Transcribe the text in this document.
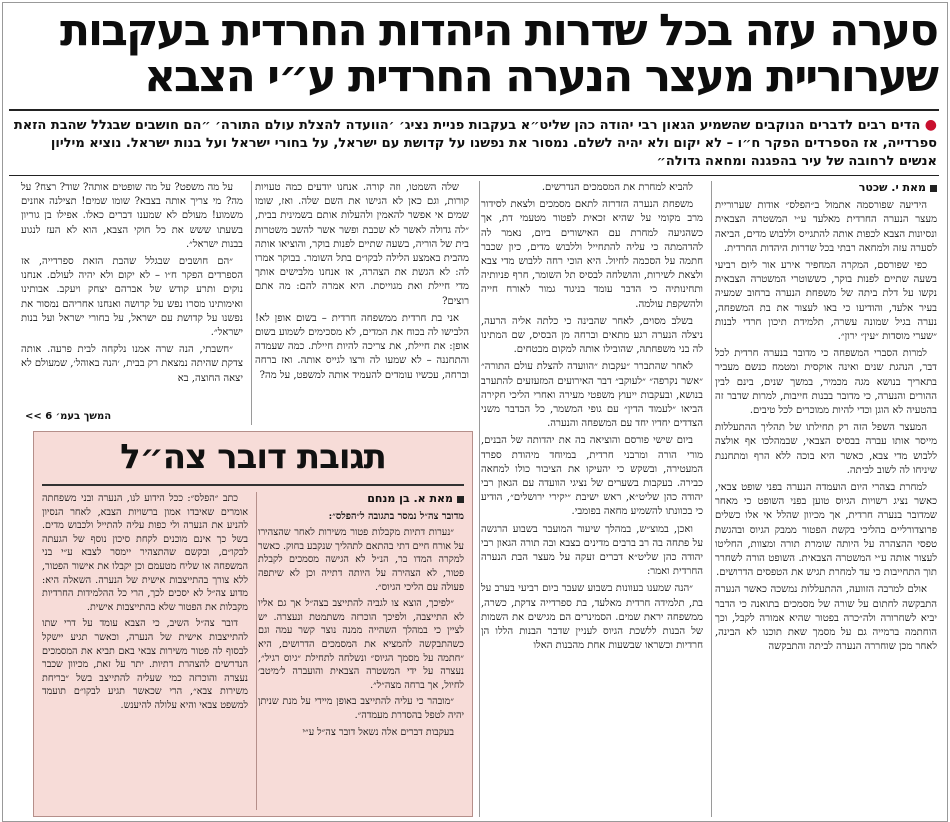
סערה עזה בכל שדרות היהדות החרדית בעקבות
שערוריית מעצר הנערה החרדית ע״י הצבא
● הדים רבים לדברים הנוקבים שהשמיע הגאון רבי יהודה כהן שליט״א בעקבות פניית נציג׳ ׳הוועדה להצלת עולם התורה׳ ״הם חושבים שבגלל שהבת הזאת ספרדייה, אז הספרדים הפקר ח״ו – לא יקום ולא יהיה לשלם. נמסור את נפשנו על קדושת עם ישראל, על בחורי ישראל ועל בנות ישראל. נוציא מיליון אנשים לרחובה של עיר בהפגנה ומחאה גדולה״
מאת י. שכטר

הידיעה שפורסמה אתמול ב״הפלס״ אודות שערוריית מעצר הנערה החרדית מאלעד ע״י המשטרה הצבאית ונסיונות הצבא לכפות אותה להתגייס וללבוש מדים, הביאה לסערה עזה ולמחאה רבתי בכל שדרות היהדות החרדית.

כפי שפורסם, המקרה המחפיר אירע אור ליום רביעי בשעה שתיים לפנות בוקר, כששוטרי המשטרה הצבאית נקשו על דלת ביתה של משפחת הנערה ברחוב שמעיה בעיר אלעד, והודיעו כי באו לעצור את בת המשפחה, נערה בגיל שמונה עשרה, תלמידת תיכון חרדי לבנות ״שערי מוסדות ״עין״ ירון״.

למרות הסברי המשפחה כי מדובר בנערה חרדית לכל דבר, הנהגת שנים ואינה אוקסית ומטמח כנשם מעביר בתאריך בנושא מגה מכמיר, במשך שנים, בינם לבין ההורים והנערה, כי מדובר בבנות חייבות, למרות שדבר זה בהטעיה לא הוגן וכדי להיות ממוכרים לכל טיבים.

המעצר השפל הזה רק תחילתו של תהליך ההתעללות מייסר אותו עברה בבסיס הצבאי, שבמהלכו אף אולצה ללבוש מדי צבא, כאשר היא בוכה ללא הרף ומתחננת שיניחו לה לשוב לביתה.

למחרת בצהרי היום הועמדה הנערה בפני שופט צבאי, כאשר נציג רשויות הגיוס טוען בפני השופט כי מאחר שמדובר בנערה חרדית, אך מכיוון שהלל אי אלו כשלים פרוצדורליים בהליכי בקשת הפטור ממבק הגיוס ובהגשת טפסי ההצהרה על היותה שומרת תורה ומצוות, החליטו לעצור אותה ע״י המשטרה הצבאית. השופט הורה לשחרר תוך התחייבות כי עד למחרת תגיש את הטפסים הדרושים.

אולם למרבה הזוועה, ההתעללות נמשכה כאשר הנערה התבקשה לחתום על שורה של מסמכים בתואנה כי הדבר יביא לשחרורה ולה״כרה בפטור שהיא אמורה לקבל, וכך הוחתמה ברמייה גם על מסמך שאת תוכנו לא הבינה, לאחר מכן שוחררה הנערה לביתה והתבקשה

להביא למחרת את המסמכים הנדרשים.

משפחת הנערה הזדרזה לתאם מסמכים ולצאת לסידור מרב מקומי על שהיא זכאית לפטור מטעמי דת, אך כשהגיעה למחרת עם האישורים ביום, נאמר לה להדהמתה כי עליה להתחייל וללבוש מדים, כיון שכבר חתמה על הסכמה לחיול. היא הוכי רחה ללבוש מדי צבא ולצאת לשירות, והושלחה לבסיס תל השומר, חרף פניותיה ותחינותיה כי הדבר עומד בניגוד גמור לאורח חייה ולהשקפת עולמה.

בשלב מסוים, לאחר שהבינה כי כלתה אליה הרעה, ניצלה הנערה רגע מתאים וברחה מן הבסיס, שם המתינו לה בני משפחתה, שהובילו אותה למקום מבטחים.

לאחר שהתברר ״עקבות ״הוועדה להצלת עולם התורה״ ״אשר נקרפה״ ״לעוקב״ דבר האירועים המזעזעים להתערב בנושא, ובעקבות ייעוץ משפטי מעירה ואחרי הליכי חקירה הביאו ״לעמוד הדין״ עם גופי המשמר, כל הבדבר משני הצדדים יחדיו יחד עם המשפחה והנערה.

ביום שישי פורסם והוציאה בה את יהדותה של הבנים, מורי הורה ומרבני חרדית, במיוחד מיהודת ספרד המעטירה, ובשקש כי יהעיקו את הציבור כולו למחאה כבירה. בעקבות בשערים של נציגי הוועדה עם הגאון רבי יהודה כהן שליט״א, ראש ישיבת ״יקירי ירושלים״, הודיע כי בכוונתו להשמיע מחאה בפומבי.

ואכן, במוצ״ש, במהלך שיעור המועבר בשבוע הרגשה על פתחה בה רב ברבים מדינים בצבא ובה תורה הגאון רבי יהודה כהן שליט״א דברים זעקה על מעצר הבת הנערה החרדית ואמר:

״הנה שמענו בעוונות בשבוע שעבר ביום רביעי בערב על בת, תלמידה חרדית מאלעד, בת ספרדייה צדקת, כשרה, ממשפחה יראת שמים. הסמינרים הם מגישים את השמות של הבנות ללשכת הגיוס לעניין שדבר הבנות הללו הן חרדיות וכשראו שבשעות אחת מהבנות האלו

שלה השמטו, וזה קורה. אנחנו יודעים כמה טעויות קורות, וגם כאן לא הגישו את השם שלה. ואז, שומו שמים אי אפשר להאמין ולהעלות אותם בשמינית בבית, ״לה גדולה לאשר לא שכבת ופשר אשר להשב משטרות בית של הוריה, בשעה שתיים לפנות בוקר, והוציאו אותה מהבית באמצע הלילה לבקו״ם בתל השומר. בבוקר אמרו לה: לא הגשת את הצהרה, אז אנחנו מלבישים אותך מדי חיילת ואת מגוייסת. היא אמרה להם: מה אתם רוצים?

אני בת חרדית ממשפחה חרדית – בשום אופן לא! הלבישו לה בכוח את המדים, לא מסכימים לשמוע בשום אופן: את חיילת, את צריכה להיות חיילת. כמה שעמדה והתחננה – לא שמעו לה ורצו לגייס אותה. ואז ברחה וברחה, עכשיו עומדים להעמיד אותה למשפט, על מה?

על מה משפט? על מה שופטים אותה? שוד? רצח? על מה? מי צריך אותה בצבא? שומו שמים! תצילנה אוזנים משמוע! מעולם לא שמענו דברים כאלו. אפילו בן גוריון בשעתו ששש את כל חוקי הצבא, הוא לא העז לנגוע בבנות ישראל״.

״הם חושבים שבגלל שהבת הזאת ספרדייה, אז הספרדים הפקר ח״ו – לא יקום ולא יהיה לעולם. אנחנו נוקים ותרע קודש של אברהם יצחק ויעקב. אבותינו ואימותינו מסרו נפש על קדושה ואנחנו אחריהם נמסור את נפשנו על קדושת עם ישראל, על בחורי ישראל ועל בנות ישראל״.

״חשבתי, הנה שרה אמנו נלקחה לבית פרעה. אותה צדקת שהיתה נמצאת רק בבית, ׳הנה באוהל׳, שמעולם לא יצאה החוצה, בא

<< המשך בעמ׳ 6
תגובת דובר צה״ל
מאת א. בן מנחם

מדובר צה״ל נמסר בתגובה ל״הפלס״:

״נערות דתיות מקבלות פטור משירות לאחר שהצהירו על אורח חיים דתי בהתאם לתהליך שנקבע בחוק. כאשר למקרה המדו בר, הנ״ל לא הגישה מסמכים לקבלת פטור, לא הצהירה על היותה דתייה וכן לא שיתפה פעולה עם הליכי הגיוס״.

״לפיכך, הוצא צו לגביה להתייצב בצה״ל אך גם אליו לא התייצבה, ולפיכך הוכרזה משתמטת ונעצרה. יש לציין כי במהלך השהייה ממנה נוצר קשר עמה וגם כשהתבקשה להמציא את המסמכים הדרושים, היא ״חתמה על מסמך הגיוס״ ונשלחה לתחילת ״גיוס רגיל״, נעצרה על ידי המשטרה הצבאית והועברה ל׳מיטב׳ לחיול, אך ברחה מצה״ל״.

״מובהר כי עליה להתייצב באופן מיידי על מנת שניתן יהיה לטפל בהסדרת מעמדה״.

בעקבות דברים אלה נשאל דובר צה״ל ע״י

כתב ״הפלס״: ככל הידוע לנו, הנערה ובני משפחתה אומרים שאיבדו אמון ברשויות הצבא, לאחר הנסיון להניע את הנערה ולי כפות עליה להתייל ולכבוש מדים. בשל כך אינם מוכנים לקחת סיכון נוסף של הגעתה לבקו״ם, ובקשם שהתצהיר יימסר לצבא ע״י בני המשפחה או שליח מטעמם וכן יקבלו את אישור הפטור, ללא צורך בהתייצבות אישית של הנערה. השאלה היא: מדוע צה״ל לא יסכים לכך, הרי כל ההלמידות החרדיות מקבלות את הפטור שלא בהתייצבות אישית.

דובר צה״ל השיב, כי הצבא עומד על דרי שתו להתייצבות אישית של הנערה, וכאשר תגיע יישקל לבסוף לה פטור משירות צבאי באם תביא את המסמכים הנדרשים להצהרת דתיות. יתר על זאת, מכיוון שכבר נעצרה והוכרזה כמי שעליה להתייצב בשל ״בריחת משירות צבא״, הרי שכאשר תגיע לבקו״ם תועמד למשפט צבאי והיא עלולה להיענש.
